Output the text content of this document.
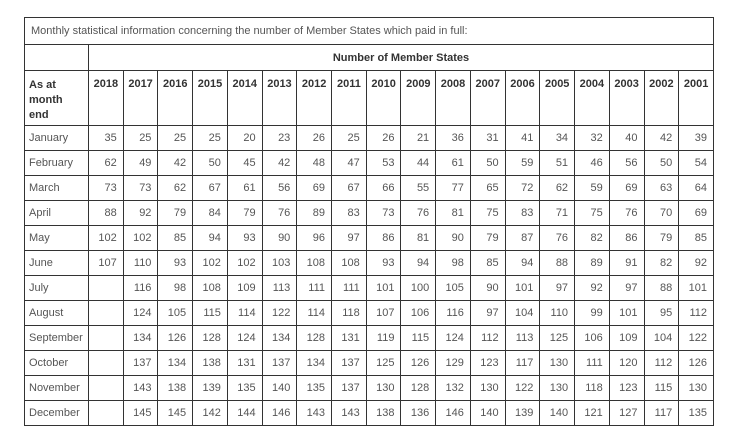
Monthly statistical information concerning the number of Member States which paid in full:																		
	Number of Member States																	
As at month end	2018	2017	2016	2015	2014	2013	2012	2011	2010	2009	2008	2007	2006	2005	2004	2003	2002	2001
January	35	25	25	25	20	23	26	25	26	21	36	31	41	34	32	40	42	39
February	62	49	42	50	45	42	48	47	53	44	61	50	59	51	46	56	50	54
March	73	73	62	67	61	56	69	67	66	55	77	65	72	62	59	69	63	64
April	88	92	79	84	79	76	89	83	73	76	81	75	83	71	75	76	70	69
May	102	102	85	94	93	90	96	97	86	81	90	79	87	76	82	86	79	85
June	107	110	93	102	102	103	108	108	93	94	98	85	94	88	89	91	82	92
July		116	98	108	109	113	111	111	101	100	105	90	101	97	92	97	88	101
August		124	105	115	114	122	114	118	107	106	116	97	104	110	99	101	95	112
September		134	126	128	124	134	128	131	119	115	124	112	113	125	106	109	104	122
October		137	134	138	131	137	134	137	125	126	129	123	117	130	111	120	112	126
November		143	138	139	135	140	135	137	130	128	132	130	122	130	118	123	115	130
December		145	145	142	144	146	143	143	138	136	146	140	139	140	121	127	117	135
